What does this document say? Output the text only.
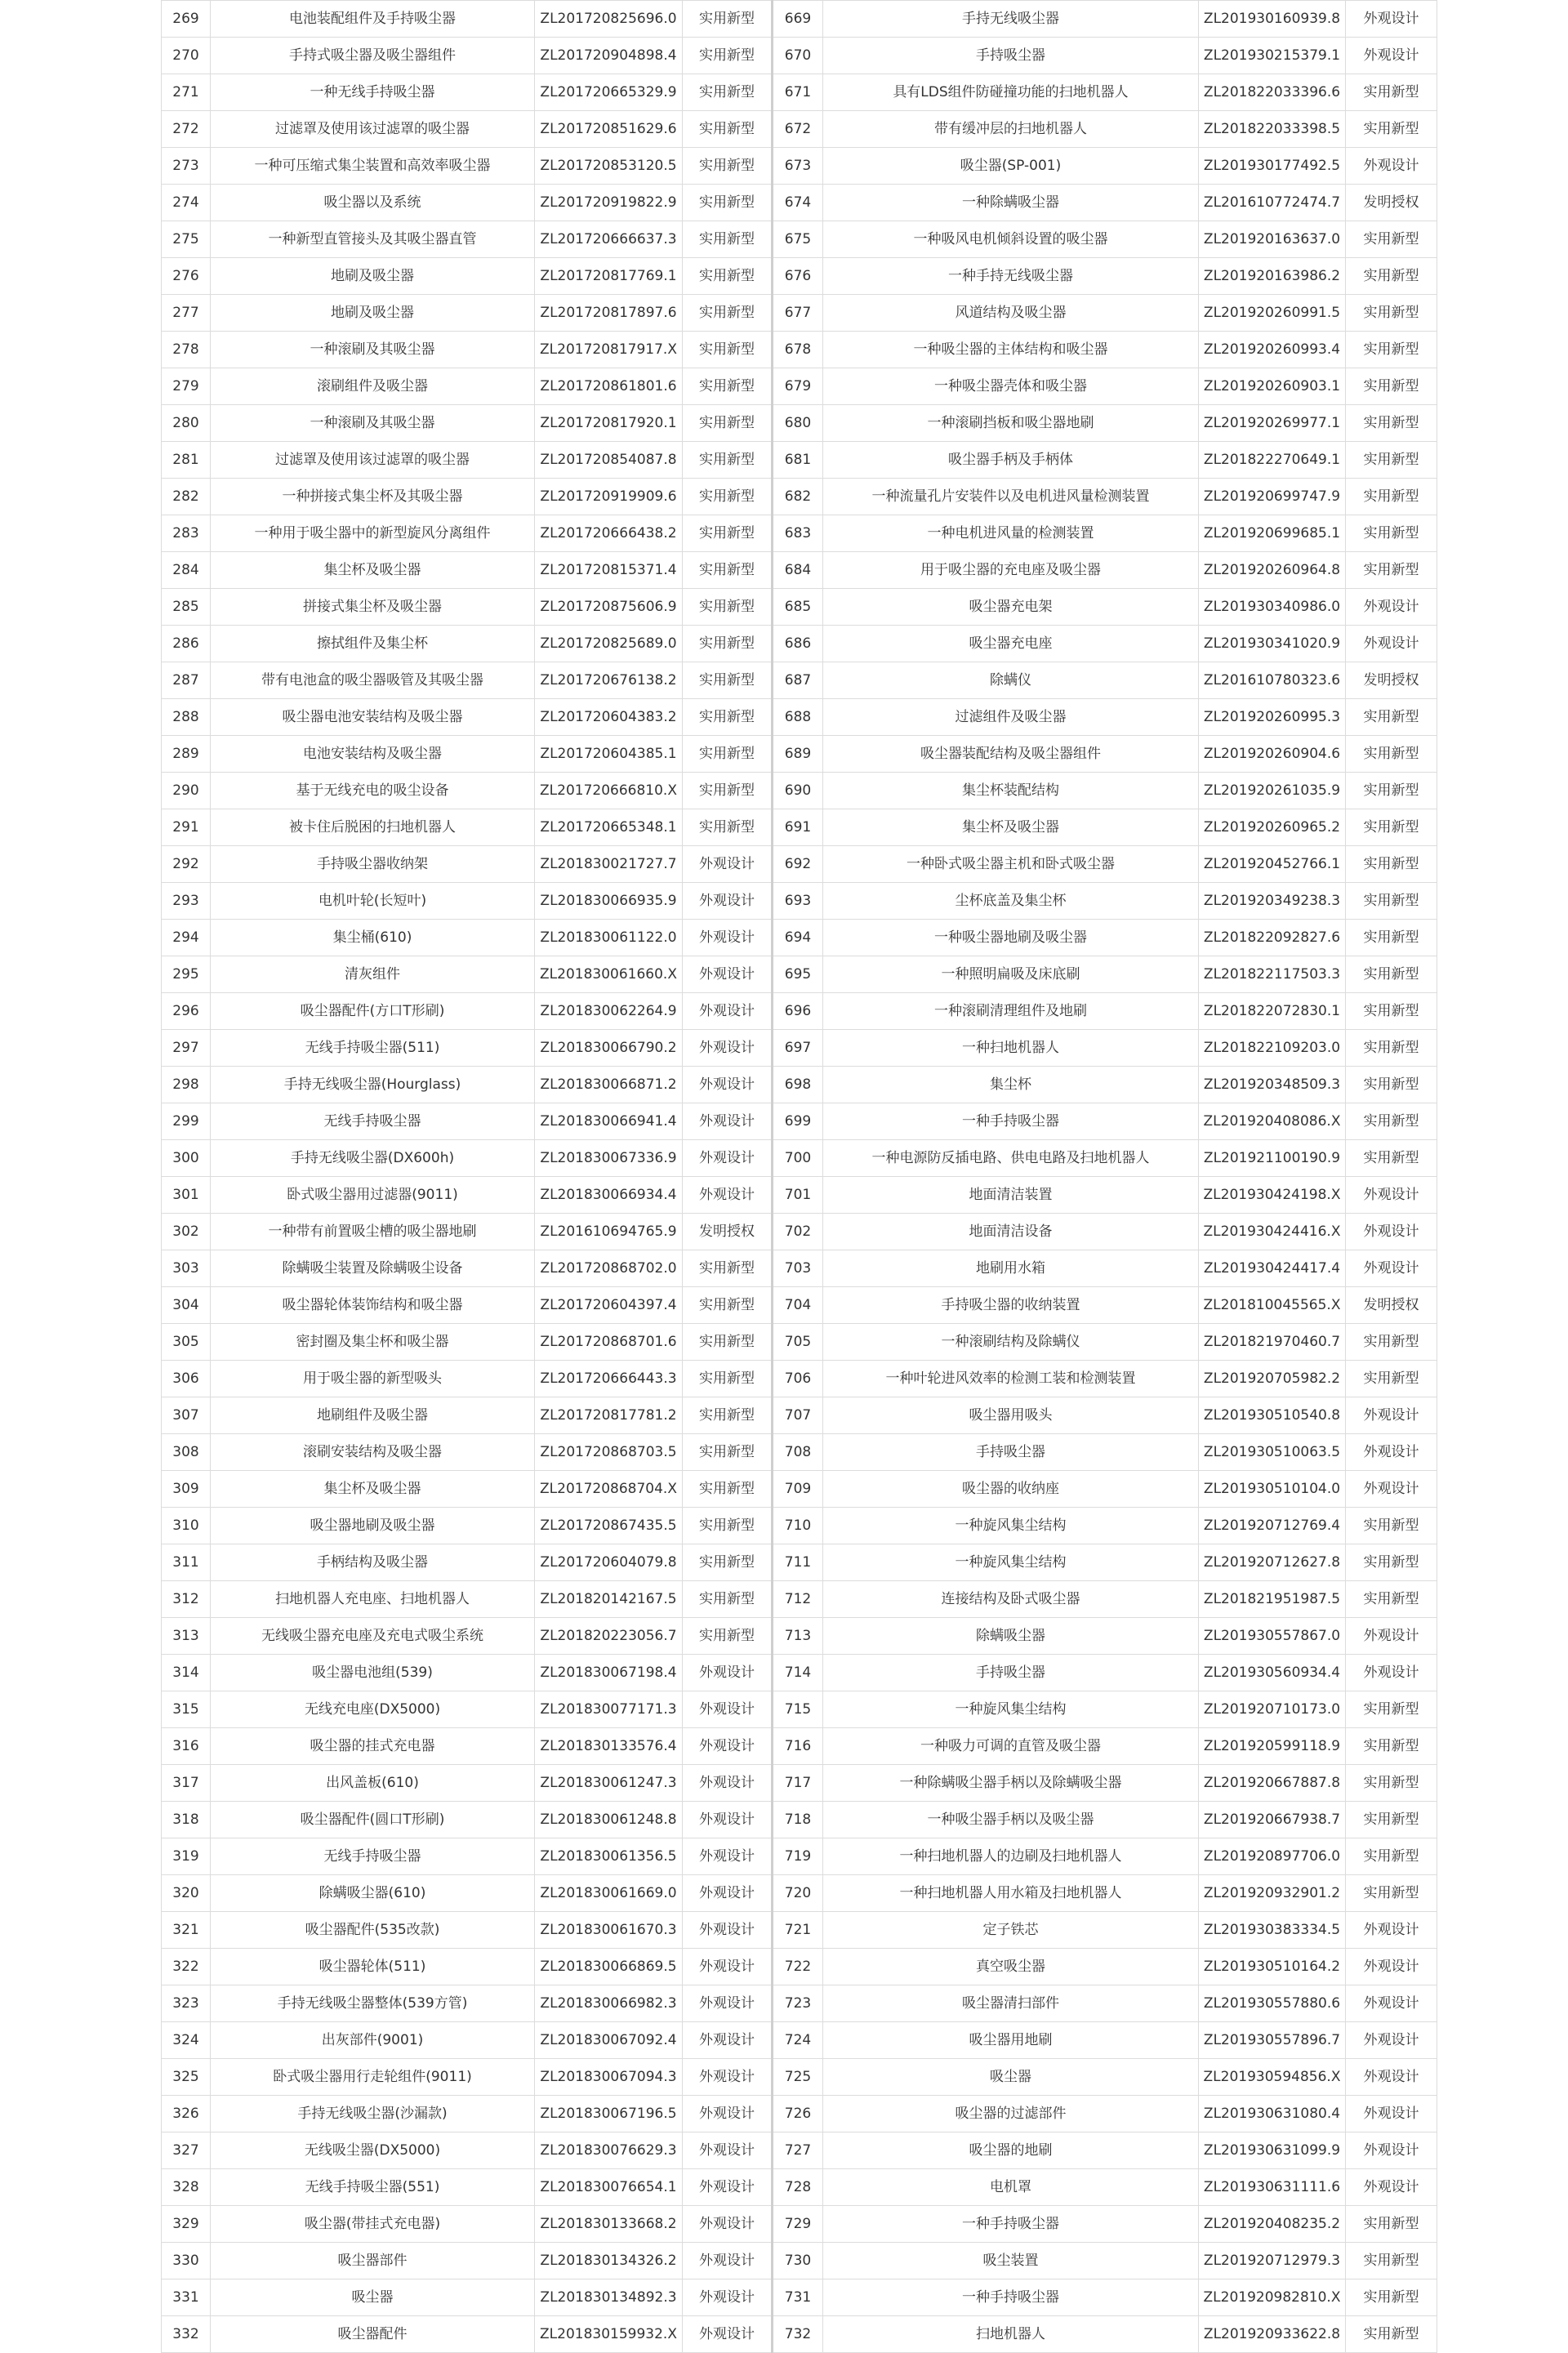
269	电池装配组件及手持吸尘器	ZL201720825696.0	实用新型	669	手持无线吸尘器	ZL201930160939.8	外观设计
270	手持式吸尘器及吸尘器组件	ZL201720904898.4	实用新型	670	手持吸尘器	ZL201930215379.1	外观设计
271	一种无线手持吸尘器	ZL201720665329.9	实用新型	671	具有LDS组件防碰撞功能的扫地机器人	ZL201822033396.6	实用新型
272	过滤罩及使用该过滤罩的吸尘器	ZL201720851629.6	实用新型	672	带有缓冲层的扫地机器人	ZL201822033398.5	实用新型
273	一种可压缩式集尘装置和高效率吸尘器	ZL201720853120.5	实用新型	673	吸尘器(SP-001)	ZL201930177492.5	外观设计
274	吸尘器以及系统	ZL201720919822.9	实用新型	674	一种除螨吸尘器	ZL201610772474.7	发明授权
275	一种新型直管接头及其吸尘器直管	ZL201720666637.3	实用新型	675	一种吸风电机倾斜设置的吸尘器	ZL201920163637.0	实用新型
276	地刷及吸尘器	ZL201720817769.1	实用新型	676	一种手持无线吸尘器	ZL201920163986.2	实用新型
277	地刷及吸尘器	ZL201720817897.6	实用新型	677	风道结构及吸尘器	ZL201920260991.5	实用新型
278	一种滚刷及其吸尘器	ZL201720817917.X	实用新型	678	一种吸尘器的主体结构和吸尘器	ZL201920260993.4	实用新型
279	滚刷组件及吸尘器	ZL201720861801.6	实用新型	679	一种吸尘器壳体和吸尘器	ZL201920260903.1	实用新型
280	一种滚刷及其吸尘器	ZL201720817920.1	实用新型	680	一种滚刷挡板和吸尘器地刷	ZL201920269977.1	实用新型
281	过滤罩及使用该过滤罩的吸尘器	ZL201720854087.8	实用新型	681	吸尘器手柄及手柄体	ZL201822270649.1	实用新型
282	一种拼接式集尘杯及其吸尘器	ZL201720919909.6	实用新型	682	一种流量孔片安装件以及电机进风量检测装置	ZL201920699747.9	实用新型
283	一种用于吸尘器中的新型旋风分离组件	ZL201720666438.2	实用新型	683	一种电机进风量的检测装置	ZL201920699685.1	实用新型
284	集尘杯及吸尘器	ZL201720815371.4	实用新型	684	用于吸尘器的充电座及吸尘器	ZL201920260964.8	实用新型
285	拼接式集尘杯及吸尘器	ZL201720875606.9	实用新型	685	吸尘器充电架	ZL201930340986.0	外观设计
286	擦拭组件及集尘杯	ZL201720825689.0	实用新型	686	吸尘器充电座	ZL201930341020.9	外观设计
287	带有电池盒的吸尘器吸管及其吸尘器	ZL201720676138.2	实用新型	687	除螨仪	ZL201610780323.6	发明授权
288	吸尘器电池安装结构及吸尘器	ZL201720604383.2	实用新型	688	过滤组件及吸尘器	ZL201920260995.3	实用新型
289	电池安装结构及吸尘器	ZL201720604385.1	实用新型	689	吸尘器装配结构及吸尘器组件	ZL201920260904.6	实用新型
290	基于无线充电的吸尘设备	ZL201720666810.X	实用新型	690	集尘杯装配结构	ZL201920261035.9	实用新型
291	被卡住后脱困的扫地机器人	ZL201720665348.1	实用新型	691	集尘杯及吸尘器	ZL201920260965.2	实用新型
292	手持吸尘器收纳架	ZL201830021727.7	外观设计	692	一种卧式吸尘器主机和卧式吸尘器	ZL201920452766.1	实用新型
293	电机叶轮(长短叶)	ZL201830066935.9	外观设计	693	尘杯底盖及集尘杯	ZL201920349238.3	实用新型
294	集尘桶(610)	ZL201830061122.0	外观设计	694	一种吸尘器地刷及吸尘器	ZL201822092827.6	实用新型
295	清灰组件	ZL201830061660.X	外观设计	695	一种照明扁吸及床底刷	ZL201822117503.3	实用新型
296	吸尘器配件(方口T形刷)	ZL201830062264.9	外观设计	696	一种滚刷清理组件及地刷	ZL201822072830.1	实用新型
297	无线手持吸尘器(511)	ZL201830066790.2	外观设计	697	一种扫地机器人	ZL201822109203.0	实用新型
298	手持无线吸尘器(Hourglass)	ZL201830066871.2	外观设计	698	集尘杯	ZL201920348509.3	实用新型
299	无线手持吸尘器	ZL201830066941.4	外观设计	699	一种手持吸尘器	ZL201920408086.X	实用新型
300	手持无线吸尘器(DX600h)	ZL201830067336.9	外观设计	700	一种电源防反插电路、供电电路及扫地机器人	ZL201921100190.9	实用新型
301	卧式吸尘器用过滤器(9011)	ZL201830066934.4	外观设计	701	地面清洁装置	ZL201930424198.X	外观设计
302	一种带有前置吸尘槽的吸尘器地刷	ZL201610694765.9	发明授权	702	地面清洁设备	ZL201930424416.X	外观设计
303	除螨吸尘装置及除螨吸尘设备	ZL201720868702.0	实用新型	703	地刷用水箱	ZL201930424417.4	外观设计
304	吸尘器轮体装饰结构和吸尘器	ZL201720604397.4	实用新型	704	手持吸尘器的收纳装置	ZL201810045565.X	发明授权
305	密封圈及集尘杯和吸尘器	ZL201720868701.6	实用新型	705	一种滚刷结构及除螨仪	ZL201821970460.7	实用新型
306	用于吸尘器的新型吸头	ZL201720666443.3	实用新型	706	一种叶轮进风效率的检测工装和检测装置	ZL201920705982.2	实用新型
307	地刷组件及吸尘器	ZL201720817781.2	实用新型	707	吸尘器用吸头	ZL201930510540.8	外观设计
308	滚刷安装结构及吸尘器	ZL201720868703.5	实用新型	708	手持吸尘器	ZL201930510063.5	外观设计
309	集尘杯及吸尘器	ZL201720868704.X	实用新型	709	吸尘器的收纳座	ZL201930510104.0	外观设计
310	吸尘器地刷及吸尘器	ZL201720867435.5	实用新型	710	一种旋风集尘结构	ZL201920712769.4	实用新型
311	手柄结构及吸尘器	ZL201720604079.8	实用新型	711	一种旋风集尘结构	ZL201920712627.8	实用新型
312	扫地机器人充电座、扫地机器人	ZL201820142167.5	实用新型	712	连接结构及卧式吸尘器	ZL201821951987.5	实用新型
313	无线吸尘器充电座及充电式吸尘系统	ZL201820223056.7	实用新型	713	除螨吸尘器	ZL201930557867.0	外观设计
314	吸尘器电池组(539)	ZL201830067198.4	外观设计	714	手持吸尘器	ZL201930560934.4	外观设计
315	无线充电座(DX5000)	ZL201830077171.3	外观设计	715	一种旋风集尘结构	ZL201920710173.0	实用新型
316	吸尘器的挂式充电器	ZL201830133576.4	外观设计	716	一种吸力可调的直管及吸尘器	ZL201920599118.9	实用新型
317	出风盖板(610)	ZL201830061247.3	外观设计	717	一种除螨吸尘器手柄以及除螨吸尘器	ZL201920667887.8	实用新型
318	吸尘器配件(圆口T形刷)	ZL201830061248.8	外观设计	718	一种吸尘器手柄以及吸尘器	ZL201920667938.7	实用新型
319	无线手持吸尘器	ZL201830061356.5	外观设计	719	一种扫地机器人的边刷及扫地机器人	ZL201920897706.0	实用新型
320	除螨吸尘器(610)	ZL201830061669.0	外观设计	720	一种扫地机器人用水箱及扫地机器人	ZL201920932901.2	实用新型
321	吸尘器配件(535改款)	ZL201830061670.3	外观设计	721	定子铁芯	ZL201930383334.5	外观设计
322	吸尘器轮体(511)	ZL201830066869.5	外观设计	722	真空吸尘器	ZL201930510164.2	外观设计
323	手持无线吸尘器整体(539方管)	ZL201830066982.3	外观设计	723	吸尘器清扫部件	ZL201930557880.6	外观设计
324	出灰部件(9001)	ZL201830067092.4	外观设计	724	吸尘器用地刷	ZL201930557896.7	外观设计
325	卧式吸尘器用行走轮组件(9011)	ZL201830067094.3	外观设计	725	吸尘器	ZL201930594856.X	外观设计
326	手持无线吸尘器(沙漏款)	ZL201830067196.5	外观设计	726	吸尘器的过滤部件	ZL201930631080.4	外观设计
327	无线吸尘器(DX5000)	ZL201830076629.3	外观设计	727	吸尘器的地刷	ZL201930631099.9	外观设计
328	无线手持吸尘器(551)	ZL201830076654.1	外观设计	728	电机罩	ZL201930631111.6	外观设计
329	吸尘器(带挂式充电器)	ZL201830133668.2	外观设计	729	一种手持吸尘器	ZL201920408235.2	实用新型
330	吸尘器部件	ZL201830134326.2	外观设计	730	吸尘装置	ZL201920712979.3	实用新型
331	吸尘器	ZL201830134892.3	外观设计	731	一种手持吸尘器	ZL201920982810.X	实用新型
332	吸尘器配件	ZL201830159932.X	外观设计	732	扫地机器人	ZL201920933622.8	实用新型
